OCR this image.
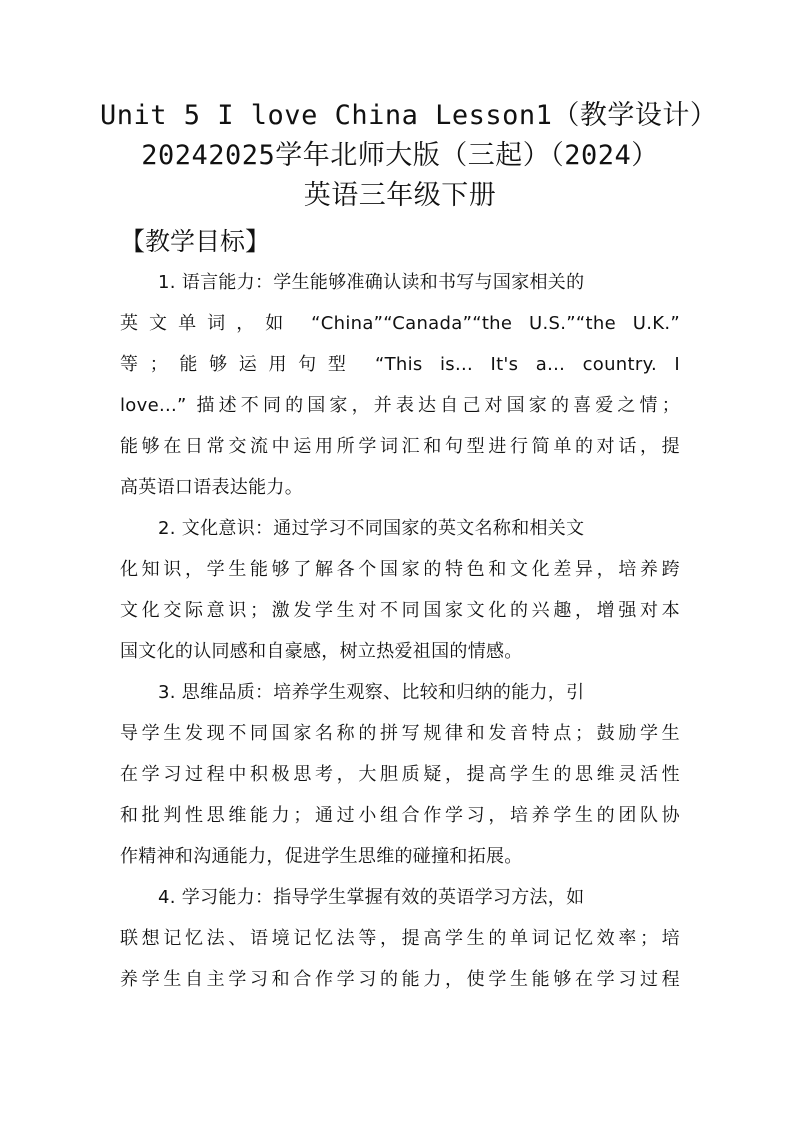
Unit 5 I love China Lesson1（教学设计）
20242025学年北师大版（三起）（2024）
英语三年级下册
【教学目标】
1. 语言能力：学生能够准确认读和书写与国家相关的
英文单词，如 “China”“Canada”“the U.S.”“the U.K.”
等；能够运用句型 “This is... It's a... country. I
love...” 描述不同的国家，并表达自己对国家的喜爱之情；
能够在日常交流中运用所学词汇和句型进行简单的对话，提
高英语口语表达能力。
2. 文化意识：通过学习不同国家的英文名称和相关文
化知识，学生能够了解各个国家的特色和文化差异，培养跨
文化交际意识；激发学生对不同国家文化的兴趣，增强对本
国文化的认同感和自豪感，树立热爱祖国的情感。
3. 思维品质：培养学生观察、比较和归纳的能力，引
导学生发现不同国家名称的拼写规律和发音特点；鼓励学生
在学习过程中积极思考，大胆质疑，提高学生的思维灵活性
和批判性思维能力；通过小组合作学习，培养学生的团队协
作精神和沟通能力，促进学生思维的碰撞和拓展。
4. 学习能力：指导学生掌握有效的英语学习方法，如
联想记忆法、语境记忆法等，提高学生的单词记忆效率；培
养学生自主学习和合作学习的能力，使学生能够在学习过程
